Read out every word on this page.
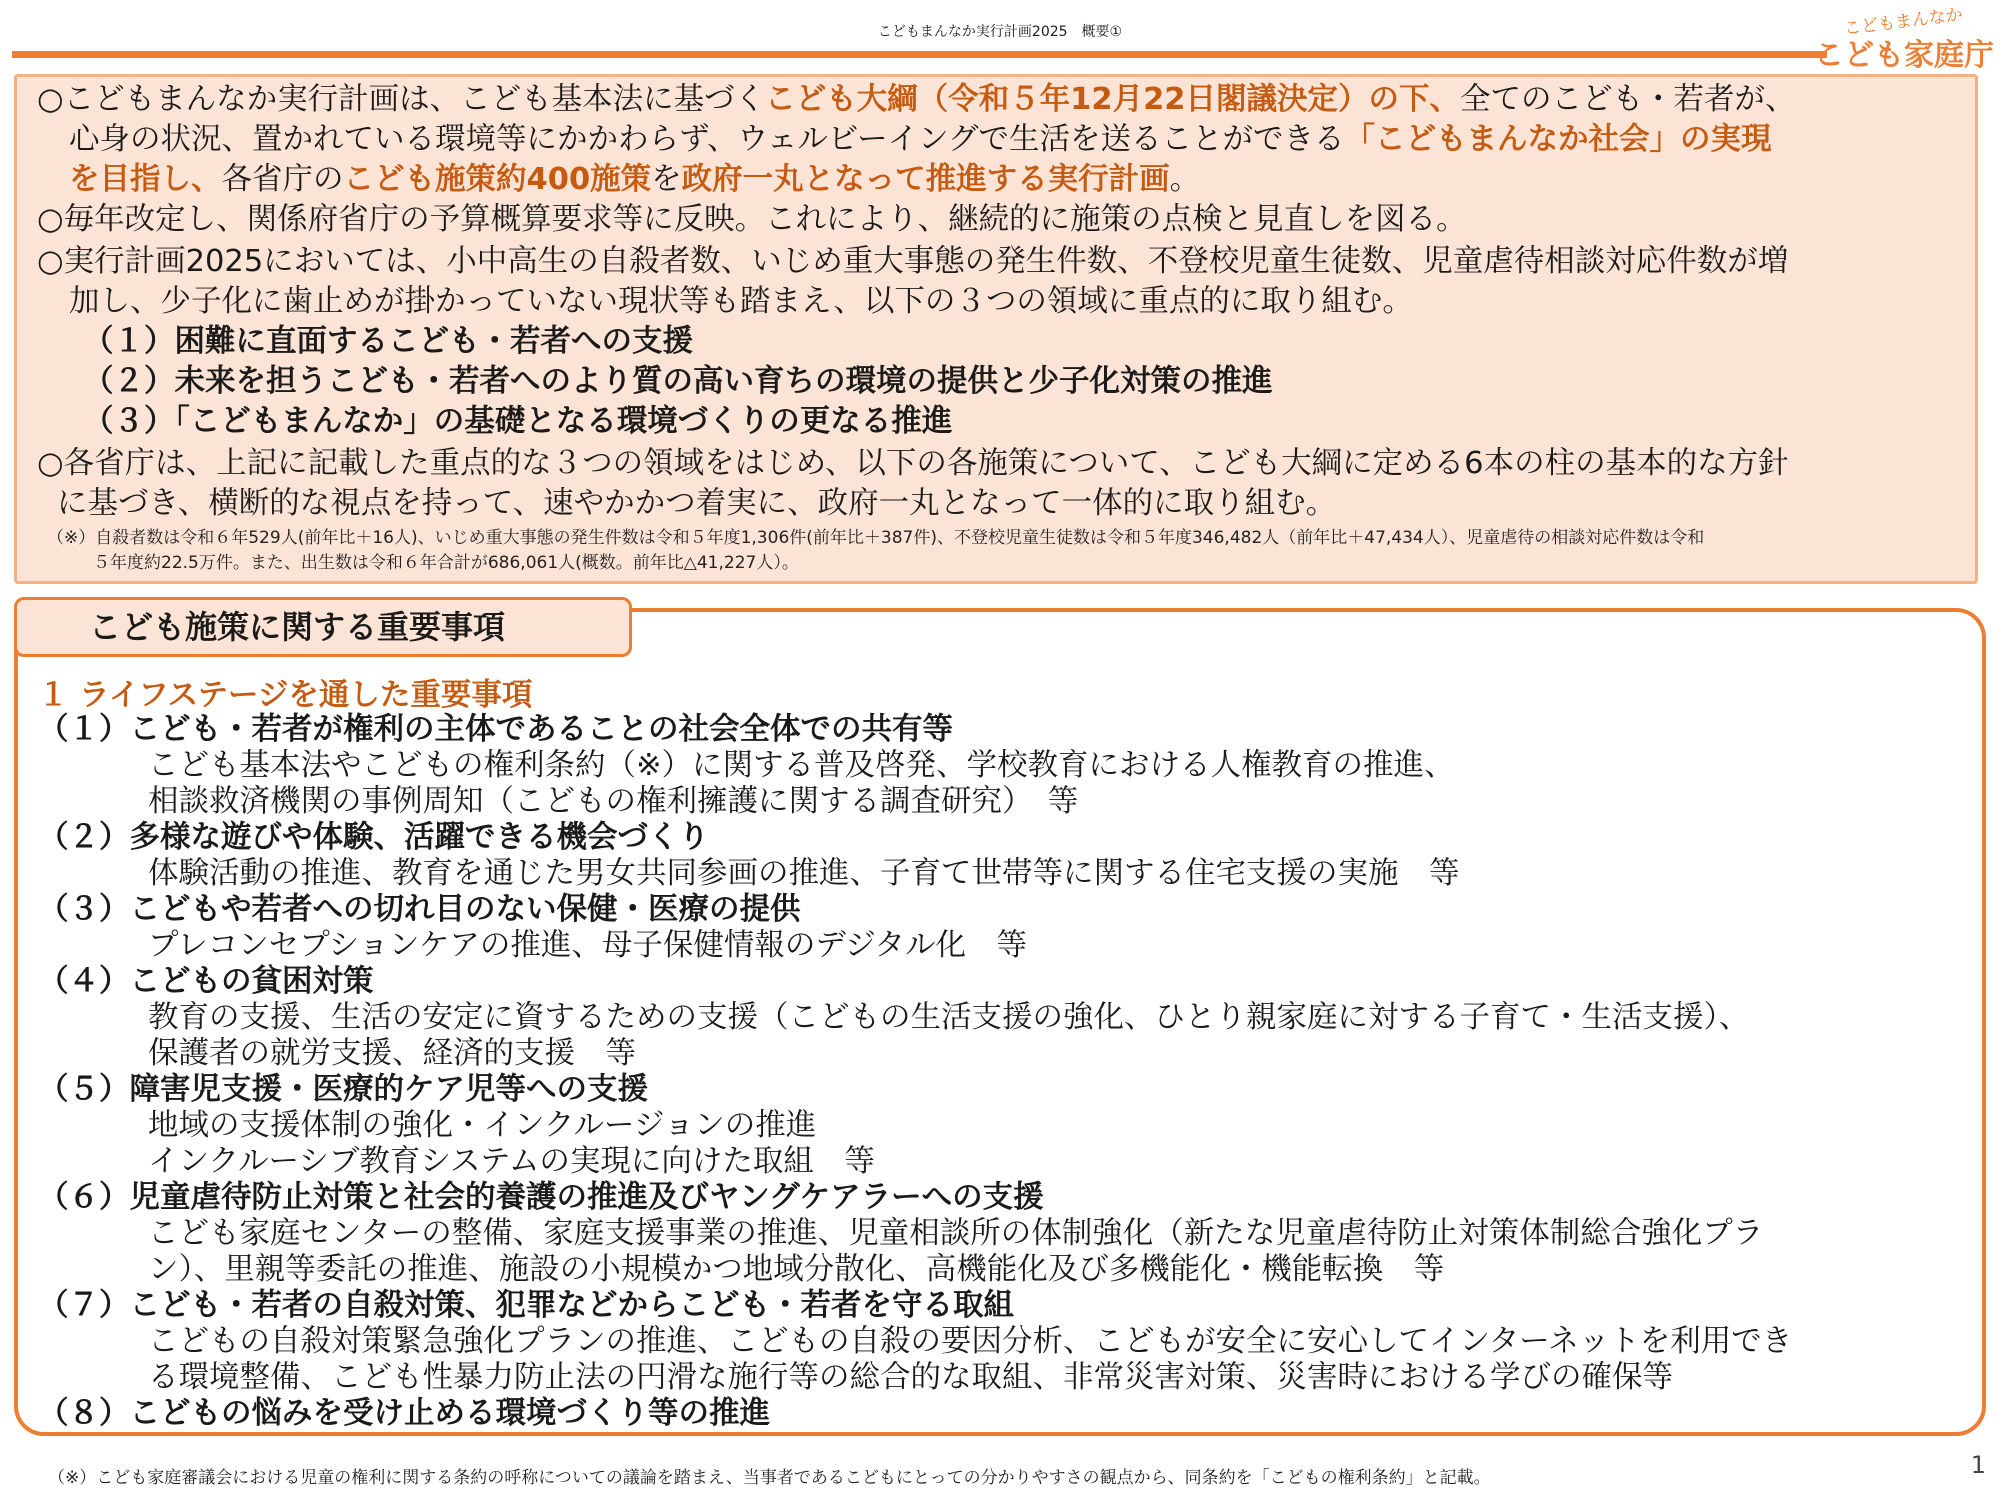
こどもまんなか実行計画2025　概要①	こどもまんなか
こども家庭庁
○こどもまんなか実行計画は、こども基本法に基づくこども大綱（令和５年12月22日閣議決定）の下、全てのこども・若者が、
心身の状況、置かれている環境等にかかわらず、ウェルビーイングで生活を送ることができる「こどもまんなか社会」の実現
を目指し、各省庁のこども施策約400施策を政府一丸となって推進する実行計画。
○毎年改定し、関係府省庁の予算概算要求等に反映。これにより、継続的に施策の点検と見直しを図る。
○実行計画2025においては、小中高生の自殺者数、いじめ重大事態の発生件数、不登校児童生徒数、児童虐待相談対応件数が増
加し、少子化に歯止めが掛かっていない現状等も踏まえ、以下の３つの領域に重点的に取り組む。
（１）困難に直面するこども・若者への支援
（２）未来を担うこども・若者へのより質の高い育ちの環境の提供と少子化対策の推進
（３）「こどもまんなか」の基礎となる環境づくりの更なる推進
○各省庁は、上記に記載した重点的な３つの領域をはじめ、以下の各施策について、こども大綱に定める6本の柱の基本的な方針
に基づき、横断的な視点を持って、速やかかつ着実に、政府一丸となって一体的に取り組む。
（※）自殺者数は令和６年529人(前年比＋16人)、いじめ重大事態の発生件数は令和５年度1,306件(前年比＋387件)、不登校児童生徒数は令和５年度346,482人（前年比＋47,434人）、児童虐待の相談対応件数は令和
５年度約22.5万件。また、出生数は令和６年合計が686,061人(概数。前年比△41,227人）。
１ ライフステージを通した重要事項
（１）こども・若者が権利の主体であることの社会全体での共有等
こども基本法やこどもの権利条約（※）に関する普及啓発、学校教育における人権教育の推進、
相談救済機関の事例周知（こどもの権利擁護に関する調査研究）　等
（２）多様な遊びや体験、活躍できる機会づくり
体験活動の推進、教育を通じた男女共同参画の推進、子育て世帯等に関する住宅支援の実施　等
（３）こどもや若者への切れ目のない保健・医療の提供
プレコンセプションケアの推進、母子保健情報のデジタル化　等
（４）こどもの貧困対策
教育の支援、生活の安定に資するための支援（こどもの生活支援の強化、ひとり親家庭に対する子育て・生活支援）、
保護者の就労支援、経済的支援　等
（５）障害児支援・医療的ケア児等への支援
地域の支援体制の強化・インクルージョンの推進
インクルーシブ教育システムの実現に向けた取組　等
（６）児童虐待防止対策と社会的養護の推進及びヤングケアラーへの支援
こども家庭センターの整備、家庭支援事業の推進、児童相談所の体制強化（新たな児童虐待防止対策体制総合強化プラ
ン）、里親等委託の推進、施設の小規模かつ地域分散化、高機能化及び多機能化・機能転換　等
（７）こども・若者の自殺対策、犯罪などからこども・若者を守る取組
こどもの自殺対策緊急強化プランの推進、こどもの自殺の要因分析、こどもが安全に安心してインターネットを利用でき
る環境整備、こども性暴力防止法の円滑な施行等の総合的な取組、非常災害対策、災害時における学びの確保等
（８）こどもの悩みを受け止める環境づくり等の推進
こども施策に関する重要事項
（※）こども家庭審議会における児童の権利に関する条約の呼称についての議論を踏まえ、当事者であるこどもにとっての分かりやすさの観点から、同条約を「こどもの権利条約」と記載。	1
